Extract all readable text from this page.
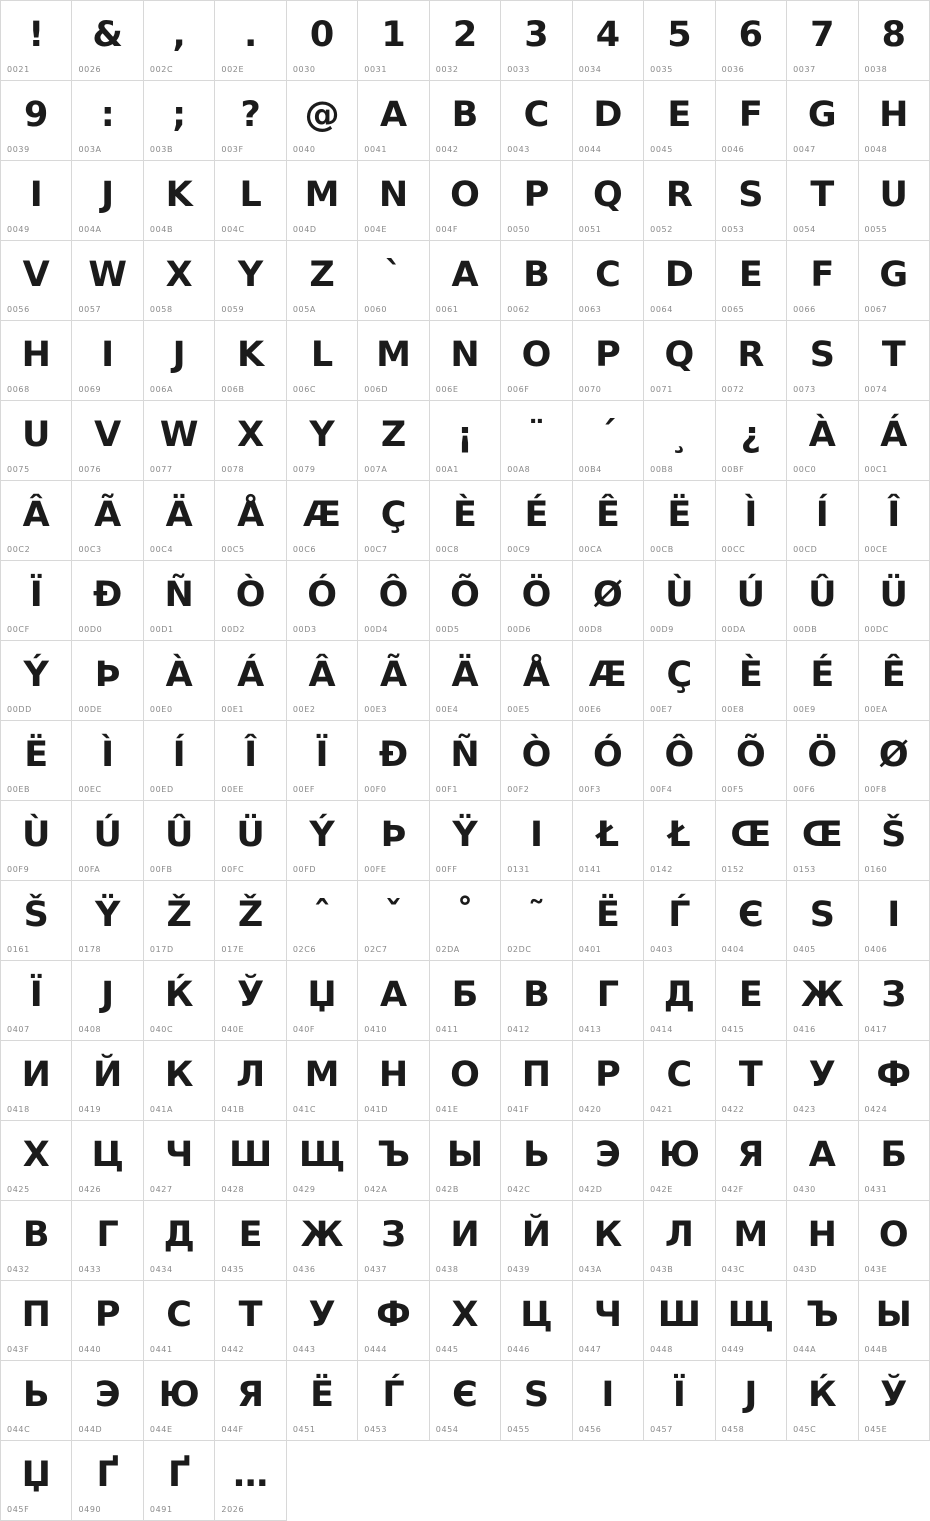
!
0021
&
0026
,
002C
.
002E
0
0030
1
0031
2
0032
3
0033
4
0034
5
0035
6
0036
7
0037
8
0038
9
0039
:
003A
;
003B
?
003F
@
0040
A
0041
B
0042
C
0043
D
0044
E
0045
F
0046
G
0047
H
0048
I
0049
J
004A
K
004B
L
004C
M
004D
N
004E
O
004F
P
0050
Q
0051
R
0052
S
0053
T
0054
U
0055
V
0056
W
0057
X
0058
Y
0059
Z
005A
`
0060
A
0061
B
0062
C
0063
D
0064
E
0065
F
0066
G
0067
H
0068
I
0069
J
006A
K
006B
L
006C
M
006D
N
006E
O
006F
P
0070
Q
0071
R
0072
S
0073
T
0074
U
0075
V
0076
W
0077
X
0078
Y
0079
Z
007A
¡
00A1
¨
00A8
´
00B4
¸
00B8
¿
00BF
À
00C0
Á
00C1
Â
00C2
Ã
00C3
Ä
00C4
Å
00C5
Æ
00C6
Ç
00C7
È
00C8
É
00C9
Ê
00CA
Ë
00CB
Ì
00CC
Í
00CD
Î
00CE
Ï
00CF
Ð
00D0
Ñ
00D1
Ò
00D2
Ó
00D3
Ô
00D4
Õ
00D5
Ö
00D6
Ø
00D8
Ù
00D9
Ú
00DA
Û
00DB
Ü
00DC
Ý
00DD
Þ
00DE
À
00E0
Á
00E1
Â
00E2
Ã
00E3
Ä
00E4
Å
00E5
Æ
00E6
Ç
00E7
È
00E8
É
00E9
Ê
00EA
Ë
00EB
Ì
00EC
Í
00ED
Î
00EE
Ï
00EF
Ð
00F0
Ñ
00F1
Ò
00F2
Ó
00F3
Ô
00F4
Õ
00F5
Ö
00F6
Ø
00F8
Ù
00F9
Ú
00FA
Û
00FB
Ü
00FC
Ý
00FD
Þ
00FE
Ÿ
00FF
I
0131
Ł
0141
Ł
0142
Œ
0152
Œ
0153
Š
0160
Š
0161
Ÿ
0178
Ž
017D
Ž
017E
ˆ
02C6
ˇ
02C7
˚
02DA
˜
02DC
Ё
0401
Ѓ
0403
Є
0404
Ѕ
0405
І
0406
Ї
0407
Ј
0408
Ќ
040C
Ў
040E
Џ
040F
А
0410
Б
0411
В
0412
Г
0413
Д
0414
Е
0415
Ж
0416
З
0417
И
0418
Й
0419
К
041A
Л
041B
М
041C
Н
041D
О
041E
П
041F
Р
0420
С
0421
Т
0422
У
0423
Ф
0424
Х
0425
Ц
0426
Ч
0427
Ш
0428
Щ
0429
Ъ
042A
Ы
042B
Ь
042C
Э
042D
Ю
042E
Я
042F
А
0430
Б
0431
В
0432
Г
0433
Д
0434
Е
0435
Ж
0436
З
0437
И
0438
Й
0439
К
043A
Л
043B
М
043C
Н
043D
О
043E
П
043F
Р
0440
С
0441
Т
0442
У
0443
Ф
0444
Х
0445
Ц
0446
Ч
0447
Ш
0448
Щ
0449
Ъ
044A
Ы
044B
Ь
044C
Э
044D
Ю
044E
Я
044F
Ё
0451
Ѓ
0453
Є
0454
Ѕ
0455
І
0456
Ї
0457
Ј
0458
Ќ
045C
Ў
045E
Џ
045F
Ґ
0490
Ґ
0491
…
2026
